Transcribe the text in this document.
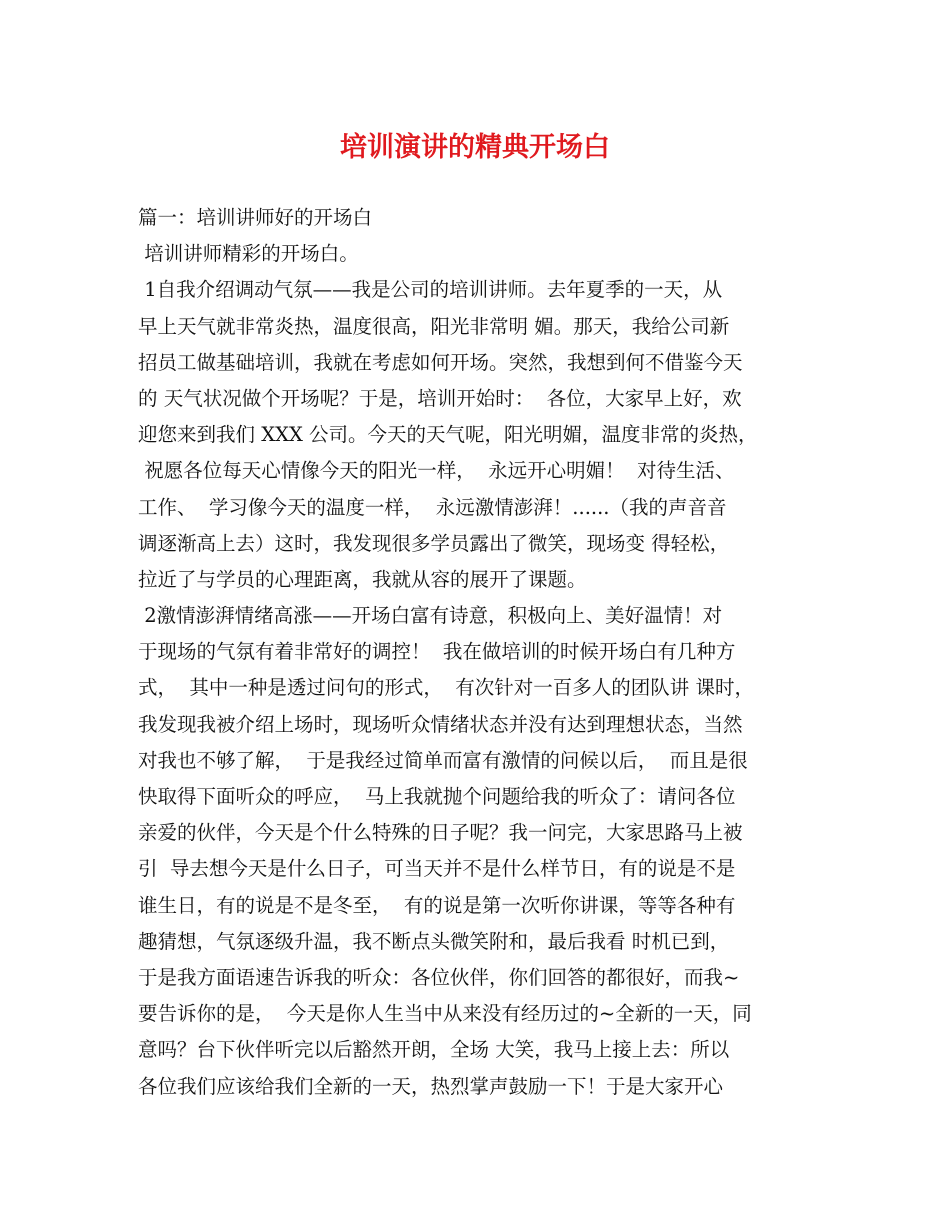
培训演讲的精典开场白
篇一：培训讲师好的开场白
培训讲师精彩的开场白。
1自我介绍调动气氛——我是公司的培训讲师。去年夏季的一天，从
早上天气就非常炎热，温度很高，阳光非常明 媚。那天，我给公司新
招员工做基础培训，我就在考虑如何开场。突然，我想到何不借鉴今天
的 天气状况做个开场呢？于是，培训开始时：  各位，大家早上好，欢
迎您来到我们 XXX 公司。今天的天气呢，阳光明媚，温度非常的炎热，
祝愿各位每天心情像今天的阳光一样，  永远开心明媚！  对待生活、
工作、  学习像今天的温度一样，  永远激情澎湃！......（我的声音音
调逐渐高上去）这时，我发现很多学员露出了微笑，现场变 得轻松，
拉近了与学员的心理距离，我就从容的展开了课题。
2激情澎湃情绪高涨——开场白富有诗意，积极向上、美好温情！对
于现场的气氛有着非常好的调控！  我在做培训的时候开场白有几种方
式，  其中一种是透过问句的形式，  有次针对一百多人的团队讲 课时，
我发现我被介绍上场时，现场听众情绪状态并没有达到理想状态，当然
对我也不够了解，  于是我经过简单而富有激情的问候以后，  而且是很
快取得下面听众的呼应，  马上我就抛个问题给我的听众了：请问各位
亲爱的伙伴，今天是个什么特殊的日子呢？我一问完，大家思路马上被
引  导去想今天是什么日子，可当天并不是什么样节日，有的说是不是
谁生日，有的说是不是冬至，  有的说是第一次听你讲课，等等各种有
趣猜想，气氛逐级升温，我不断点头微笑附和，最后我看 时机已到，
于是我方面语速告诉我的听众：各位伙伴，你们回答的都很好，而我~
要告诉你的是，  今天是你人生当中从来没有经历过的~全新的一天，同
意吗？台下伙伴听完以后豁然开朗，全场 大笑，我马上接上去：所以
各位我们应该给我们全新的一天，热烈掌声鼓励一下！于是大家开心
